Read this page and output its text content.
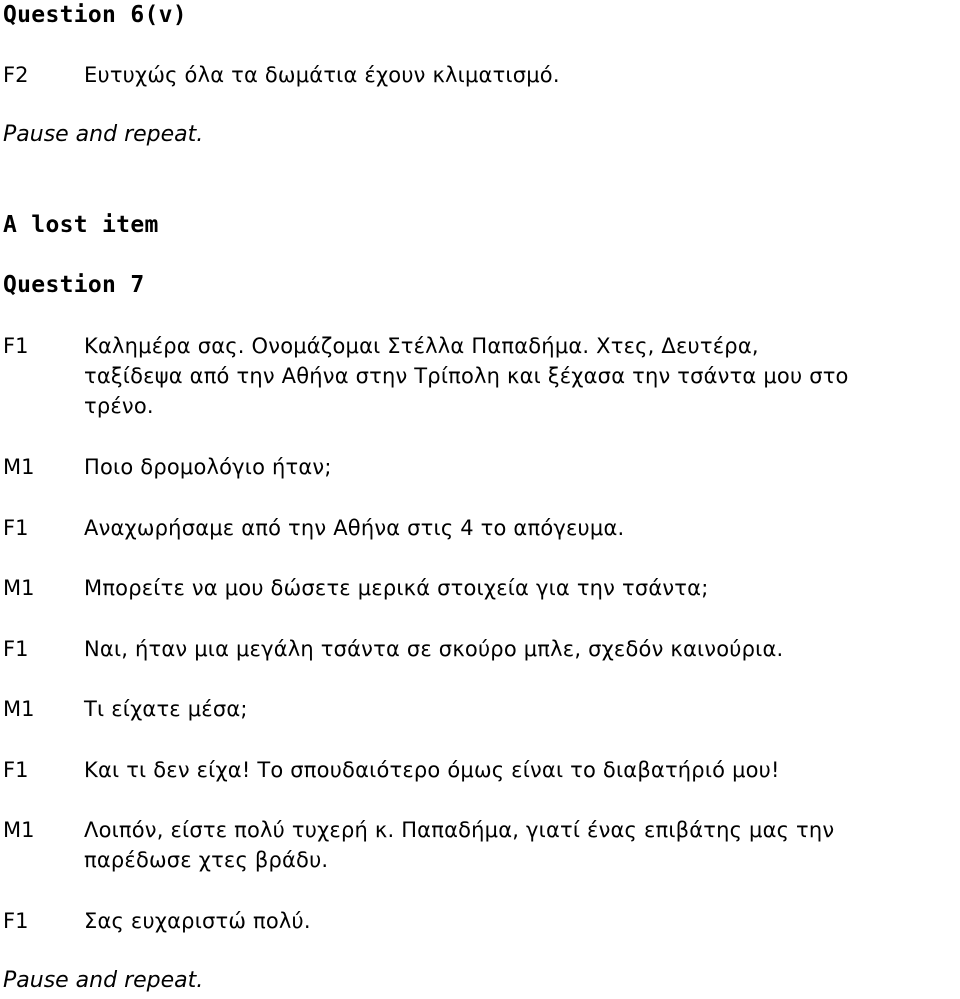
Question 6(v)
F2	Ευτυχώς όλα τα δωμάτια έχουν κλιματισμό.
Pause and repeat.
A lost item
Question 7
F1	Καλημέρα σας. Ονομάζομαι Στέλλα Παπαδήμα. Χτες, Δευτέρα,
ταξίδεψα από την Αθήνα στην Τρίπολη και ξέχασα την τσάντα μου στο
τρένο.
M1 Ποιο δρομολόγιο ήταν;
F1	Αναχωρήσαμε από την Αθήνα στις 4 το απόγευμα.
M1 Μπορείτε να μου δώσετε μερικά στοιχεία για την τσάντα;
F1	Ναι, ήταν μια μεγάλη τσάντα σε σκούρο μπλε, σχεδόν καινούρια.
M1 Τι είχατε μέσα;
F1	Και τι δεν είχα! Το σπουδαιότερο όμως είναι το διαβατήριό μου!
M1 Λοιπόν, είστε πολύ τυχερή κ. Παπαδήμα, γιατί ένας επιβάτης μας την
παρέδωσε χτες βράδυ.
F1	Σας ευχαριστώ πολύ.
Pause and repeat.
